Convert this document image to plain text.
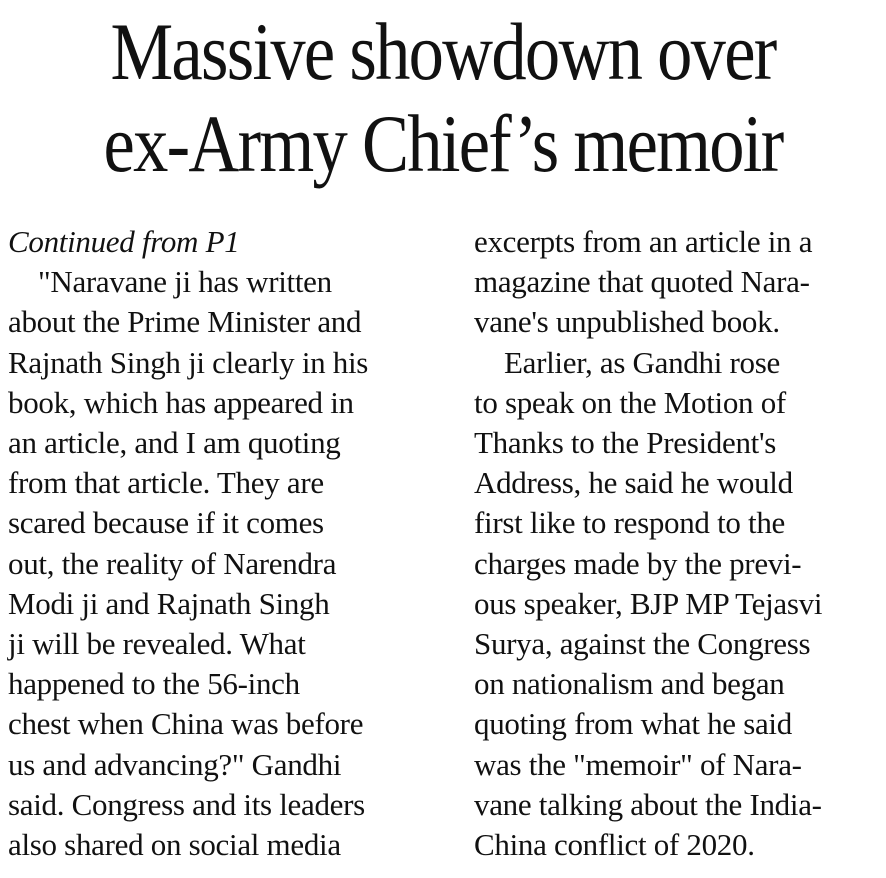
Massive showdown over
ex-Army Chief’s memoir
Continued from P1
"Naravane ji has written
about the Prime Minister and
Rajnath Singh ji clearly in his
book, which has appeared in
an article, and I am quoting
from that article. They are
scared because if it comes
out, the reality of Narendra
Modi ji and Rajnath Singh
ji will be revealed. What
happened to the 56-inch
chest when China was before
us and advancing?" Gandhi
said. Congress and its leaders
also shared on social media
excerpts from an article in a
magazine that quoted Nara-
vane's unpublished book.
Earlier, as Gandhi rose
to speak on the Motion of
Thanks to the President's
Address, he said he would
first like to respond to the
charges made by the previ-
ous speaker, BJP MP Tejasvi
Surya, against the Congress
on nationalism and began
quoting from what he said
was the "memoir" of Nara-
vane talking about the India-
China conflict of 2020.
